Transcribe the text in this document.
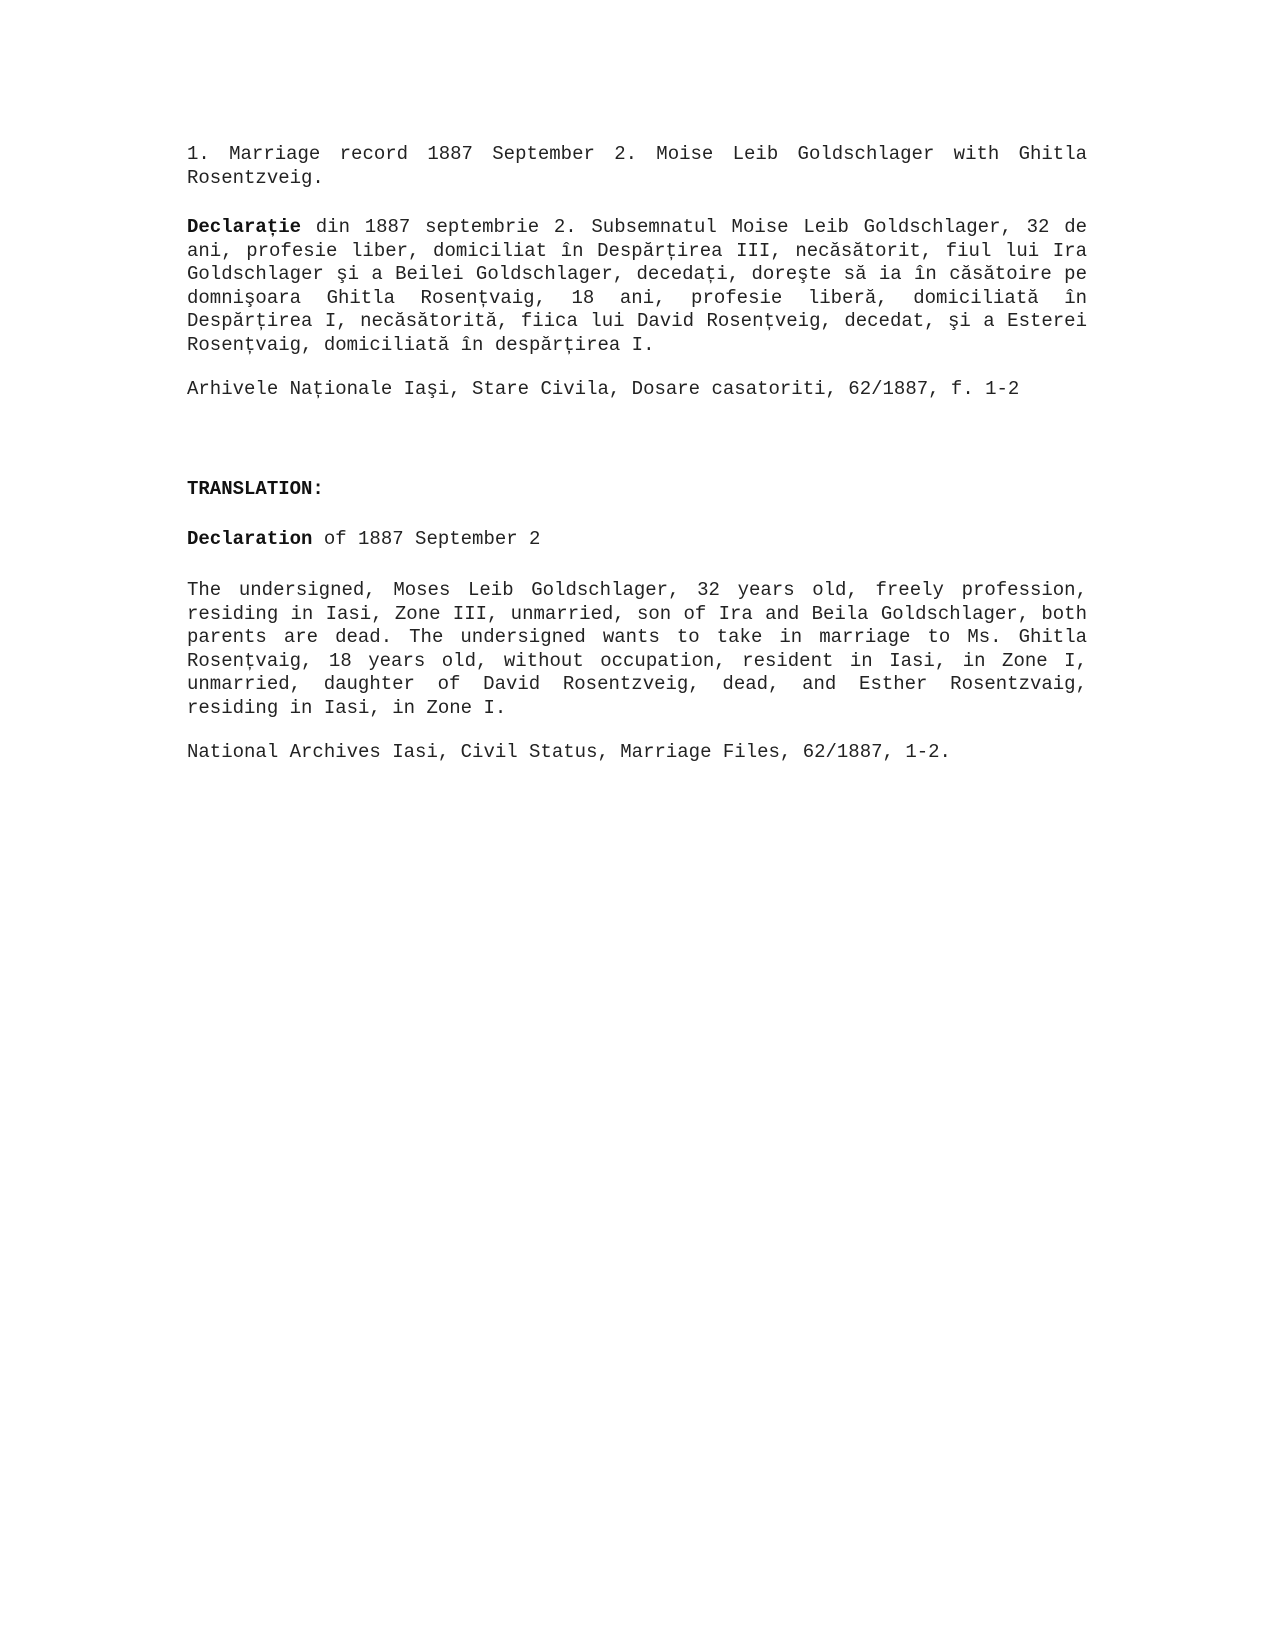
1. Marriage record 1887 September 2. Moise Leib Goldschlager with Ghitla Rosentzveig.

Declarație din 1887 septembrie 2. Subsemnatul Moise Leib Goldschlager, 32 de ani, profesie liber, domiciliat în Despărțirea III, necăsătorit, fiul lui Ira Goldschlager şi a Beilei Goldschlager, decedați, doreşte să ia în căsătoire pe domnişoara Ghitla Rosențvaig, 18 ani, profesie liberă, domiciliată în Despărțirea I, necăsătorită, fiica lui David Rosențveig, decedat, şi a Esterei Rosențvaig, domiciliată în despărțirea I.

Arhivele Naționale Iaşi, Stare Civila, Dosare casatoriti, 62/1887, f. 1-2

TRANSLATION:

Declaration of 1887 September 2

The undersigned, Moses Leib Goldschlager, 32 years old, freely profession, residing in Iasi, Zone III, unmarried, son of Ira and Beila Goldschlager, both parents are dead. The undersigned wants to take in marriage to Ms. Ghitla Rosențvaig, 18 years old, without occupation, resident in Iasi, in Zone I, unmarried, daughter of David Rosentzveig, dead, and Esther Rosentzvaig, residing in Iasi, in Zone I.

National Archives Iasi, Civil Status, Marriage Files, 62/1887, 1-2.
